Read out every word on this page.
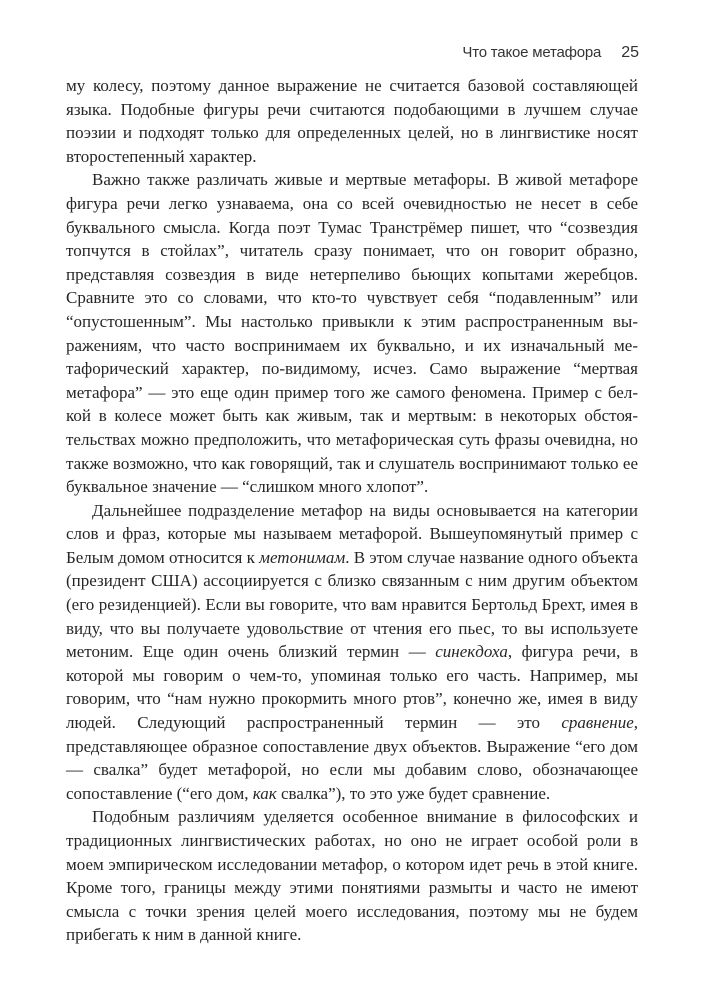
Что такое метафора 25

му колесу, поэтому данное выражение не считается базовой составляющей языка. Подобные фигуры речи считаются подобающими в лучшем случае поэзии и подходят только для определенных целей, но в лингвистике носят второстепенный характер.

Важно также различать живые и мертвые метафоры. В живой метафоре фигура речи легко узнаваема, она со всей очевидностью не несет в себе буквального смысла. Когда поэт Тумас Транстрёмер пишет, что “созвездия топчутся в стойлах”, читатель сразу понимает, что он говорит образно, представляя созвездия в виде нетерпеливо бьющих копытами жеребцов. Сравните это со словами, что кто-то чувствует себя “подавленным” или “опустошенным”. Мы настолько привыкли к этим распространенным выражениям, что часто воспринимаем их буквально, и их изначальный метафорический характер, по-видимому, исчез. Само выражение “мертвая метафора” — это еще один пример того же самого феномена. Пример с белкой в колесе может быть как живым, так и мертвым: в некоторых обстоятельствах можно предположить, что метафорическая суть фразы очевидна, но также возможно, что как говорящий, так и слушатель воспринимают только ее буквальное значение — “слишком много хлопот”.

Дальнейшее подразделение метафор на виды основывается на категории слов и фраз, которые мы называем метафорой. Вышеупомянутый пример с Белым домом относится к метонимам. В этом случае название одного объекта (президент США) ассоциируется с близко связанным с ним другим объектом (его резиденцией). Если вы говорите, что вам нравится Бертольд Брехт, имея в виду, что вы получаете удовольствие от чтения его пьес, то вы используете метоним. Еще один очень близкий термин — синекдоха, фигура речи, в которой мы говорим о чем-то, упоминая только его часть. Например, мы говорим, что “нам нужно прокормить много ртов”, конечно же, имея в виду людей. Следующий распространенный термин — это сравнение, представляющее образное сопоставление двух объектов. Выражение “его дом — свалка” будет метафорой, но если мы добавим слово, обозначающее сопоставление (“его дом, как свалка”), то это уже будет сравнение.

Подобным различиям уделяется особенное внимание в философских и традиционных лингвистических работах, но оно не играет особой роли в моем эмпирическом исследовании метафор, о котором идет речь в этой книге. Кроме того, границы между этими понятиями размыты и часто не имеют смысла с точки зрения целей моего исследования, поэтому мы не будем прибегать к ним в данной книге.
